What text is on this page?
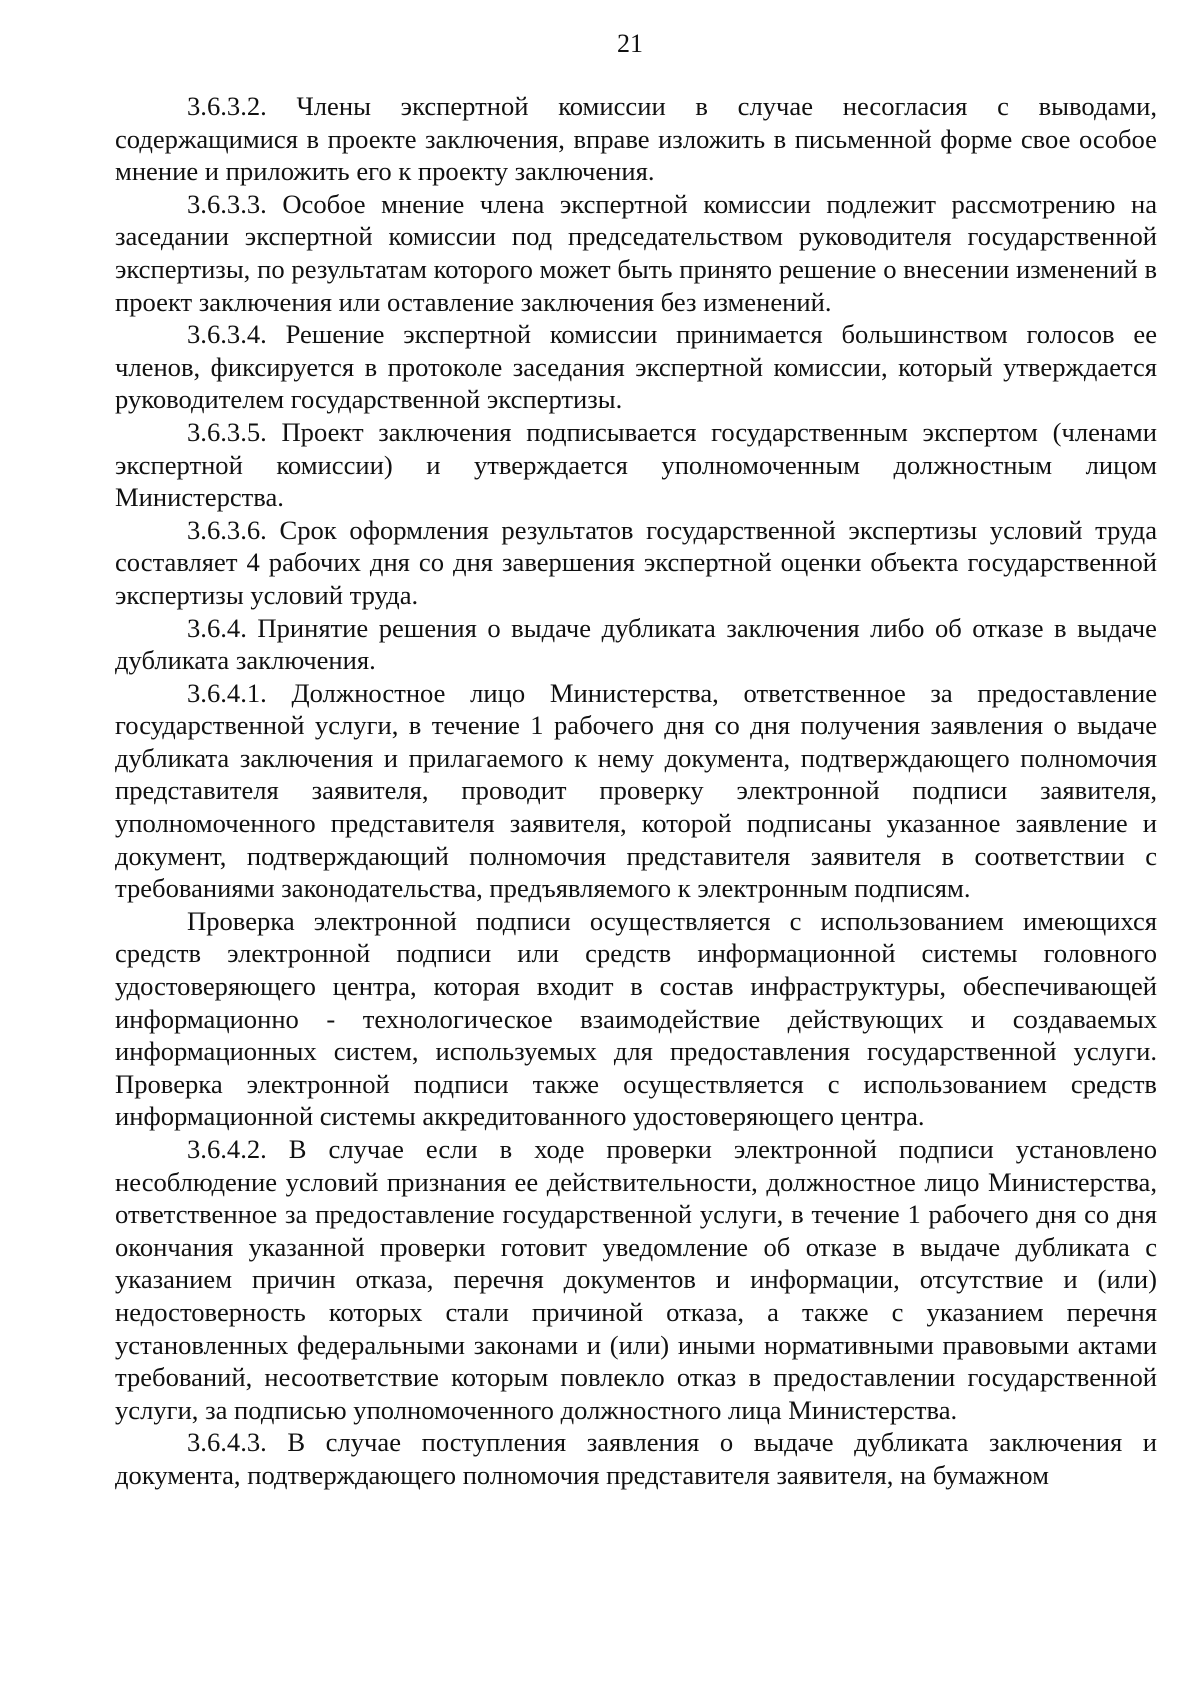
21

3.6.3.2. Члены экспертной комиссии в случае несогласия с выводами, содержащимися в проекте заключения, вправе изложить в письменной форме свое особое мнение и приложить его к проекту заключения.

3.6.3.3. Особое мнение члена экспертной комиссии подлежит рассмотрению на заседании экспертной комиссии под председательством руководителя государственной экспертизы, по результатам которого может быть принято решение о внесении изменений в проект заключения или оставление заключения без изменений.

3.6.3.4. Решение экспертной комиссии принимается большинством голосов ее членов, фиксируется в протоколе заседания экспертной комиссии, который утверждается руководителем государственной экспертизы.

3.6.3.5. Проект заключения подписывается государственным экспертом (членами экспертной комиссии) и утверждается уполномоченным должностным лицом Министерства.

3.6.3.6. Срок оформления результатов государственной экспертизы условий труда составляет 4 рабочих дня со дня завершения экспертной оценки объекта государственной экспертизы условий труда.

3.6.4. Принятие решения о выдаче дубликата заключения либо об отказе в выдаче дубликата заключения.

3.6.4.1. Должностное лицо Министерства, ответственное за предоставление государственной услуги, в течение 1 рабочего дня со дня получения заявления о выдаче дубликата заключения и прилагаемого к нему документа, подтверждающего полномочия представителя заявителя, проводит проверку электронной подписи заявителя, уполномоченного представителя заявителя, которой подписаны указанное заявление и документ, подтверждающий полномочия представителя заявителя в соответствии с требованиями законодательства, предъявляемого к электронным подписям.

Проверка электронной подписи осуществляется с использованием имеющихся средств электронной подписи или средств информационной системы головного удостоверяющего центра, которая входит в состав инфраструктуры, обеспечивающей информационно - технологическое взаимодействие действующих и создаваемых информационных систем, используемых для предоставления государственной услуги. Проверка электронной подписи также осуществляется с использованием средств информационной системы аккредитованного удостоверяющего центра.

3.6.4.2. В случае если в ходе проверки электронной подписи установлено несоблюдение условий признания ее действительности, должностное лицо Министерства, ответственное за предоставление государственной услуги, в течение 1 рабочего дня со дня окончания указанной проверки готовит уведомление об отказе в выдаче дубликата с указанием причин отказа, перечня документов и информации, отсутствие и (или) недостоверность которых стали причиной отказа, а также с указанием перечня установленных федеральными законами и (или) иными нормативными правовыми актами требований, несоответствие которым повлекло отказ в предоставлении государственной услуги, за подписью уполномоченного должностного лица Министерства.

3.6.4.3. В случае поступления заявления о выдаче дубликата заключения и документа, подтверждающего полномочия представителя заявителя, на бумажном
